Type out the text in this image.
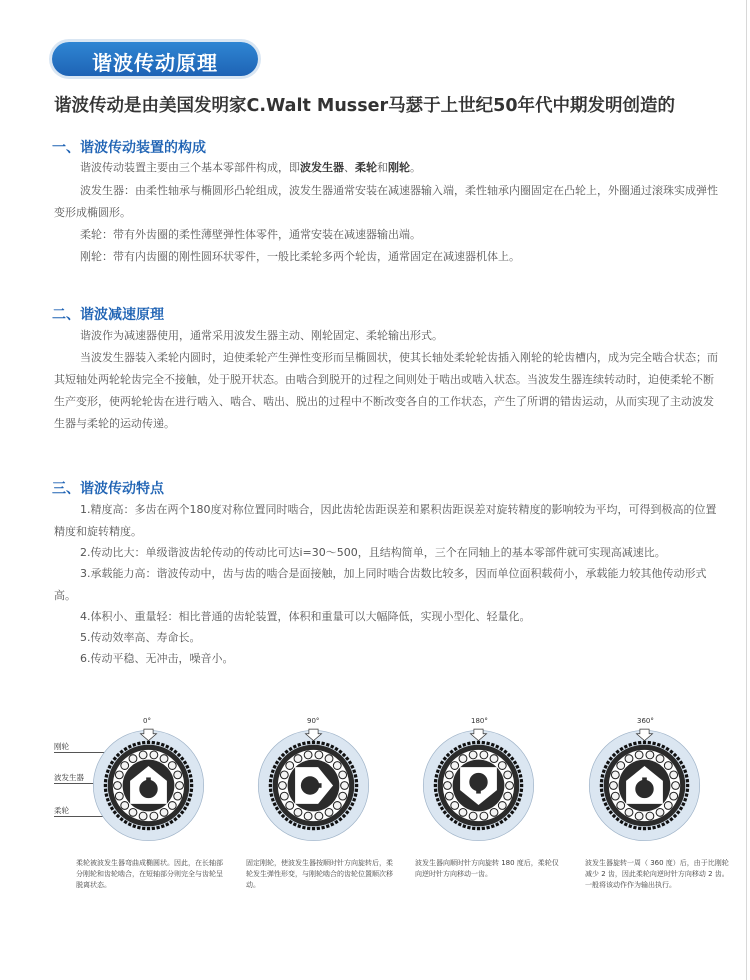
谐波传动原理
谐波传动是由美国发明家C.Walt Musser马瑟于上世纪50年代中期发明创造的
一、谐波传动装置的构成

谐波传动装置主要由三个基本零部件构成，即波发生器、柔轮和刚轮。

波发生器：由柔性轴承与椭圆形凸轮组成，波发生器通常安装在减速器输入端，柔性轴承内圈固定在凸轮上，外圈通过滚珠实成弹性变形成椭圆形。

柔轮：带有外齿圈的柔性薄壁弹性体零件，通常安装在减速器输出端。

刚轮：带有内齿圈的刚性圆环状零件，一般比柔轮多两个轮齿，通常固定在减速器机体上。

二、谐波减速原理

谐波作为减速器使用，通常采用波发生器主动、刚轮固定、柔轮输出形式。

当波发生器装入柔轮内圆时，迫使柔轮产生弹性变形而呈椭圆状，使其长轴处柔轮轮齿插入刚轮的轮齿槽内，成为完全啮合状态；而其短轴处两轮轮齿完全不接触，处于脱开状态。由啮合到脱开的过程之间则处于啮出或啮入状态。当波发生器连续转动时，迫使柔轮不断生产变形，使两轮轮齿在进行啮入、啮合、啮出、脱出的过程中不断改变各自的工作状态，产生了所谓的错齿运动，从而实现了主动波发生器与柔轮的运动传递。

三、谐波传动特点

1.精度高：多齿在两个180度对称位置同时啮合，因此齿轮齿距误差和累积齿距误差对旋转精度的影响较为平均，可得到极高的位置精度和旋转精度。

2.传动比大：单级谐波齿轮传动的传动比可达i=30～500，且结构简单，三个在同轴上的基本零部件就可实现高减速比。

3.承载能力高：谐波传动中，齿与齿的啮合是面接触，加上同时啮合齿数比较多，因而单位面积载荷小，承载能力较其他传动形式高。

4.体积小、重量轻：相比普通的齿轮装置，体积和重量可以大幅降低，实现小型化、轻量化。

5.传动效率高、寿命长。

6.传动平稳、无冲击，噪音小。

刚轮
波发生器
柔轮
0°
柔轮被波发生器弯曲成椭圆状。因此，在长轴部分刚轮和齿轮啮合，在短轴部分则完全与齿轮呈脱离状态。
90°
固定刚轮，使波发生器按顺时针方向旋转后，柔轮发生弹性形变，与刚轮啮合的齿轮位置顺次移动。
180°
波发生器向顺时针方向旋转 180 度后，柔轮仅向逆时针方向移动一齿。
360°
波发生器旋转一周（ 360 度）后，由于比刚轮减少 2 齿，因此柔轮向逆时针方向移动 2 齿。一般将该动作作为输出执行。
